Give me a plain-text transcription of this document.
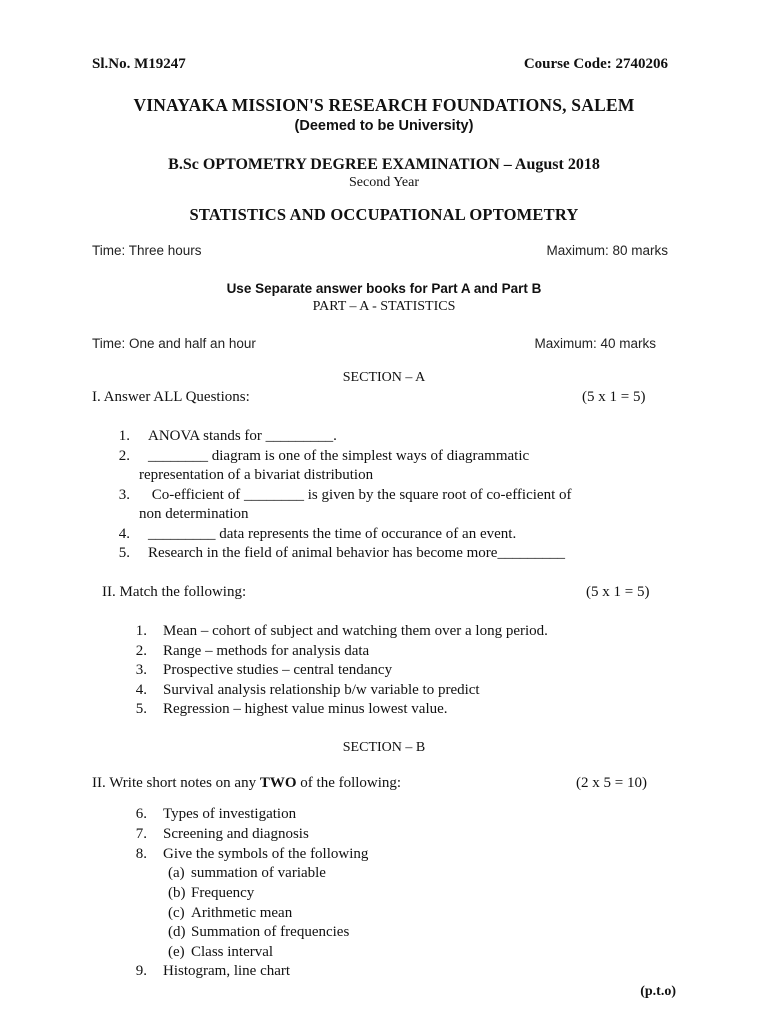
Sl.No. M19247	Course Code: 2740206
VINAYAKA MISSION'S RESEARCH FOUNDATIONS, SALEM
(Deemed to be University)
B.Sc OPTOMETRY DEGREE EXAMINATION – August 2018
Second Year
STATISTICS AND OCCUPATIONAL OPTOMETRY
Time: Three hours	Maximum: 80 marks
Use Separate answer books for Part A and Part B
PART – A - STATISTICS
Time: One and half an hour	Maximum: 40 marks
SECTION – A
I. Answer ALL Questions:	(5 x 1 = 5)
1. ANOVA stands for _________.
2. ________ diagram is one of the simplest ways of diagrammatic
representation of a bivariat distribution
3. Co-efficient of ________ is given by the square root of co-efficient of
non determination
4. _________ data represents the time of occurance of an event.
5. Research in the field of animal behavior has become more_________
II. Match the following:	(5 x 1 = 5)
1. Mean – cohort of subject and watching them over a long period.
2. Range – methods for analysis data
3. Prospective studies – central tendancy
4. Survival analysis relationship b/w variable to predict
5. Regression – highest value minus lowest value.
SECTION – B
II. Write short notes on any TWO of the following:	(2 x 5 = 10)
6. Types of investigation
7. Screening and diagnosis
8. Give the symbols of the following
(a) summation of variable
(b) Frequency
(c) Arithmetic mean
(d) Summation of frequencies
(e) Class interval
9. Histogram, line chart
(p.t.o)
